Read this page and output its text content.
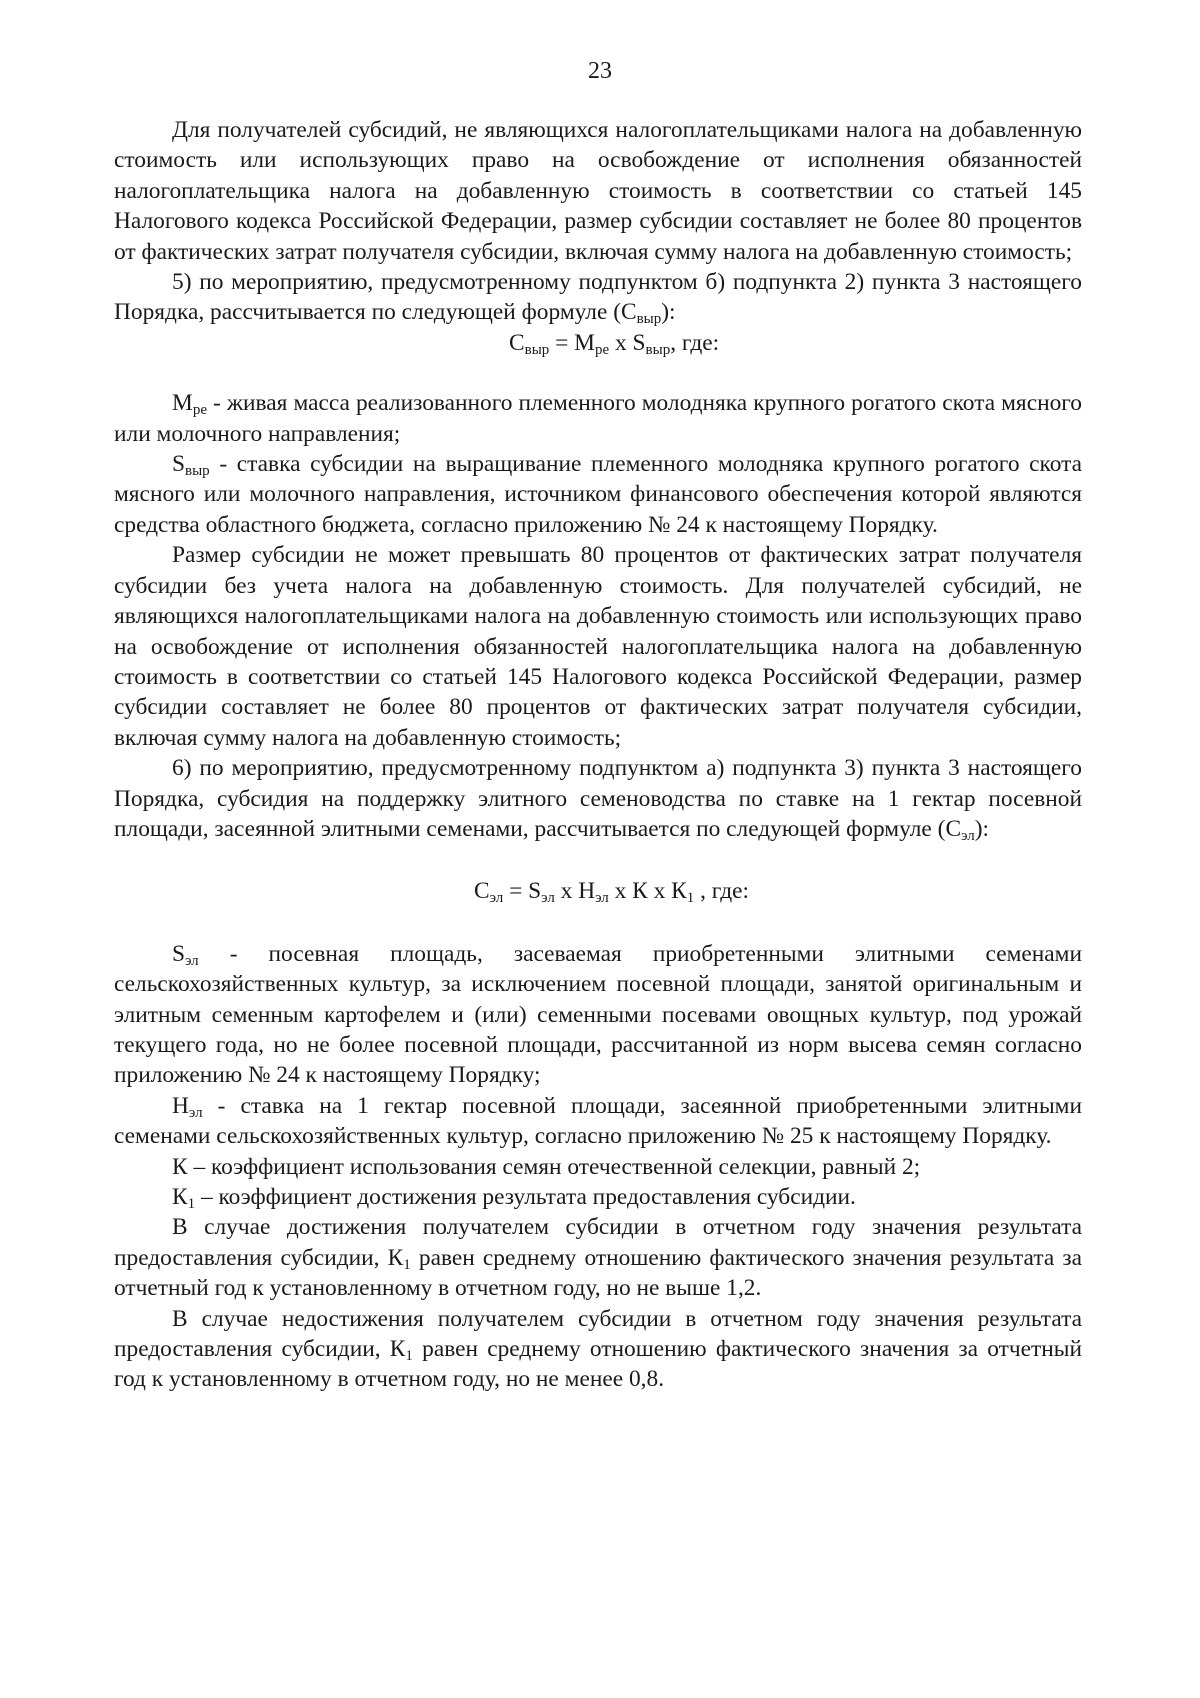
23

Для получателей субсидий, не являющихся налогоплательщиками налога на добавленную стоимость или использующих право на освобождение от исполнения обязанностей налогоплательщика налога на добавленную стоимость в соответствии со статьей 145 Налогового кодекса Российской Федерации, размер субсидии составляет не более 80 процентов от фактических затрат получателя субсидии, включая сумму налога на добавленную стоимость;

5) по мероприятию, предусмотренному подпунктом б) подпункта 2) пункта 3 настоящего Порядка, рассчитывается по следующей формуле $(С_{выр})$:

$С_{выр} = М_{ре}$ x $S_{выр}$, где:

$М_{ре}$ - живая масса реализованного племенного молодняка крупного рогатого скота мясного или молочного направления;

$S_{выр}$ - ставка субсидии на выращивание племенного молодняка крупного рогатого скота мясного или молочного направления, источником финансового обеспечения которой являются средства областного бюджета, согласно приложению № 24 к настоящему Порядку.

Размер субсидии не может превышать 80 процентов от фактических затрат получателя субсидии без учета налога на добавленную стоимость. Для получателей субсидий, не являющихся налогоплательщиками налога на добавленную стоимость или использующих право на освобождение от исполнения обязанностей налогоплательщика налога на добавленную стоимость в соответствии со статьей 145 Налогового кодекса Российской Федерации, размер субсидии составляет не более 80 процентов от фактических затрат получателя субсидии, включая сумму налога на добавленную стоимость;

6) по мероприятию, предусмотренному подпунктом а) подпункта 3) пункта 3 настоящего Порядка, субсидия на поддержку элитного семеноводства по ставке на 1 гектар посевной площади, засеянной элитными семенами, рассчитывается по следующей формуле $(С_{эл})$:

$С_{эл} = S_{эл}$ x $Н_{эл}$ x К x $К_1$ , где:

$S_{эл}$ - посевная площадь, засеваемая приобретенными элитными семенами сельскохозяйственных культур, за исключением посевной площади, занятой оригинальным и элитным семенным картофелем и (или) семенными посевами овощных культур, под урожай текущего года, но не более посевной площади, рассчитанной из норм высева семян согласно приложению № 24 к настоящему Порядку;

$Н_{эл}$ - ставка на 1 гектар посевной площади, засеянной приобретенными элитными семенами сельскохозяйственных культур, согласно приложению № 25 к настоящему Порядку.

К – коэффициент использования семян отечественной селекции, равный 2;

$К_1$ – коэффициент достижения результата предоставления субсидии.

В случае достижения получателем субсидии в отчетном году значения результата предоставления субсидии, $К_1$ равен среднему отношению фактического значения результата за отчетный год к установленному в отчетном году, но не выше 1,2.

В случае недостижения получателем субсидии в отчетном году значения результата предоставления субсидии, $К_1$ равен среднему отношению фактического значения за отчетный год к установленному в отчетном году, но не менее 0,8.
